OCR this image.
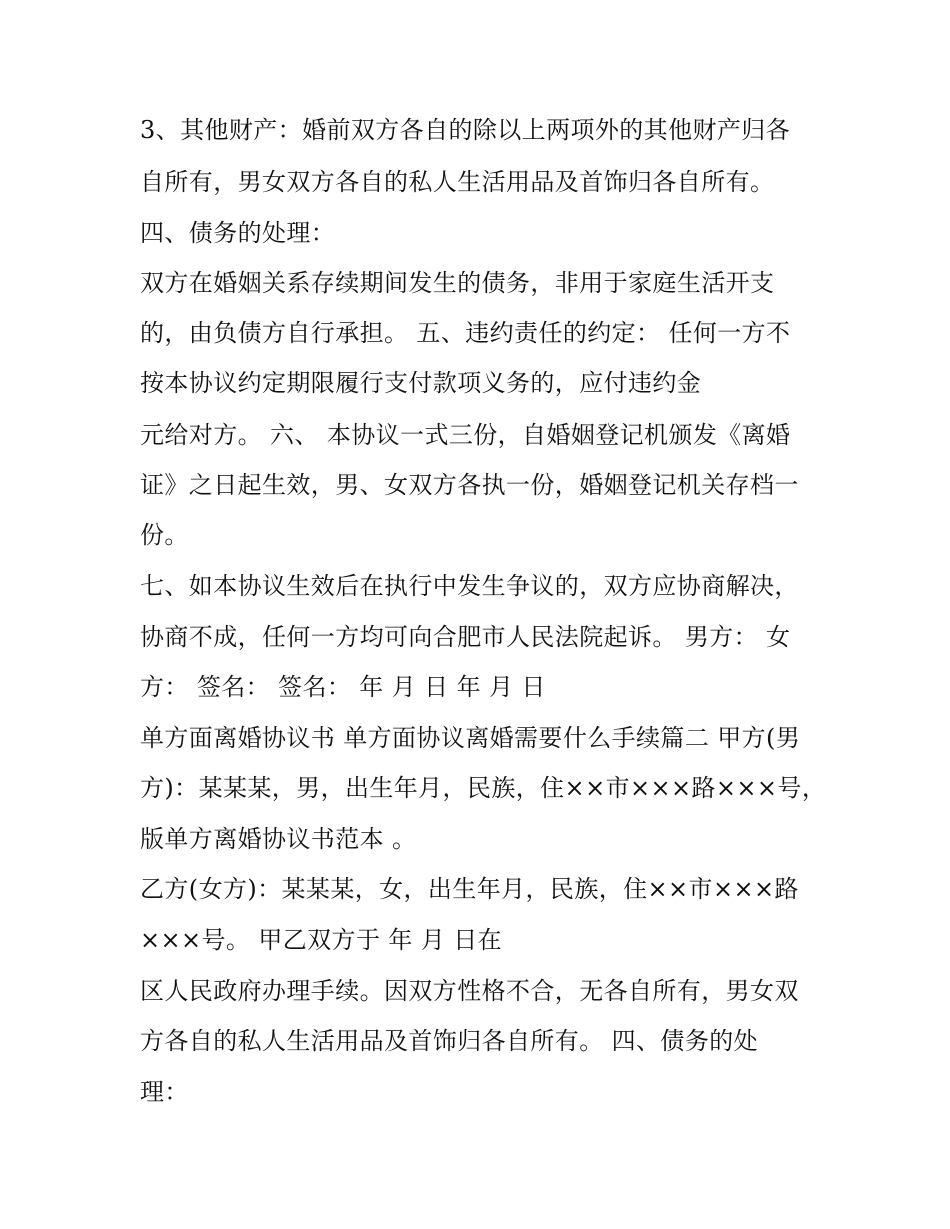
3、其他财产：婚前双方各自的除以上两项外的其他财产归各
自所有，男女双方各自的私人生活用品及首饰归各自所有。
四、债务的处理：
双方在婚姻关系存续期间发生的债务，非用于家庭生活开支
的，由负债方自行承担。 五、违约责任的约定： 任何一方不
按本协议约定期限履行支付款项义务的，应付违约金
元给对方。 六、 本协议一式三份，自婚姻登记机颁发《离婚
证》之日起生效，男、女双方各执一份，婚姻登记机关存档一
份。
七、如本协议生效后在执行中发生争议的，双方应协商解决，
协商不成，任何一方均可向合肥市人民法院起诉。 男方： 女
方： 签名： 签名： 年 月 日 年 月 日
单方面离婚协议书 单方面协议离婚需要什么手续篇二 甲方(男
方)：某某某，男，出生年月，民族，住××市×××路×××号，
版单方离婚协议书范本 。
乙方(女方)：某某某，女，出生年月，民族，住××市×××路
×××号。 甲乙双方于 年 月 日在
区人民政府办理手续。因双方性格不合，无各自所有，男女双
方各自的私人生活用品及首饰归各自所有。 四、债务的处
理：
